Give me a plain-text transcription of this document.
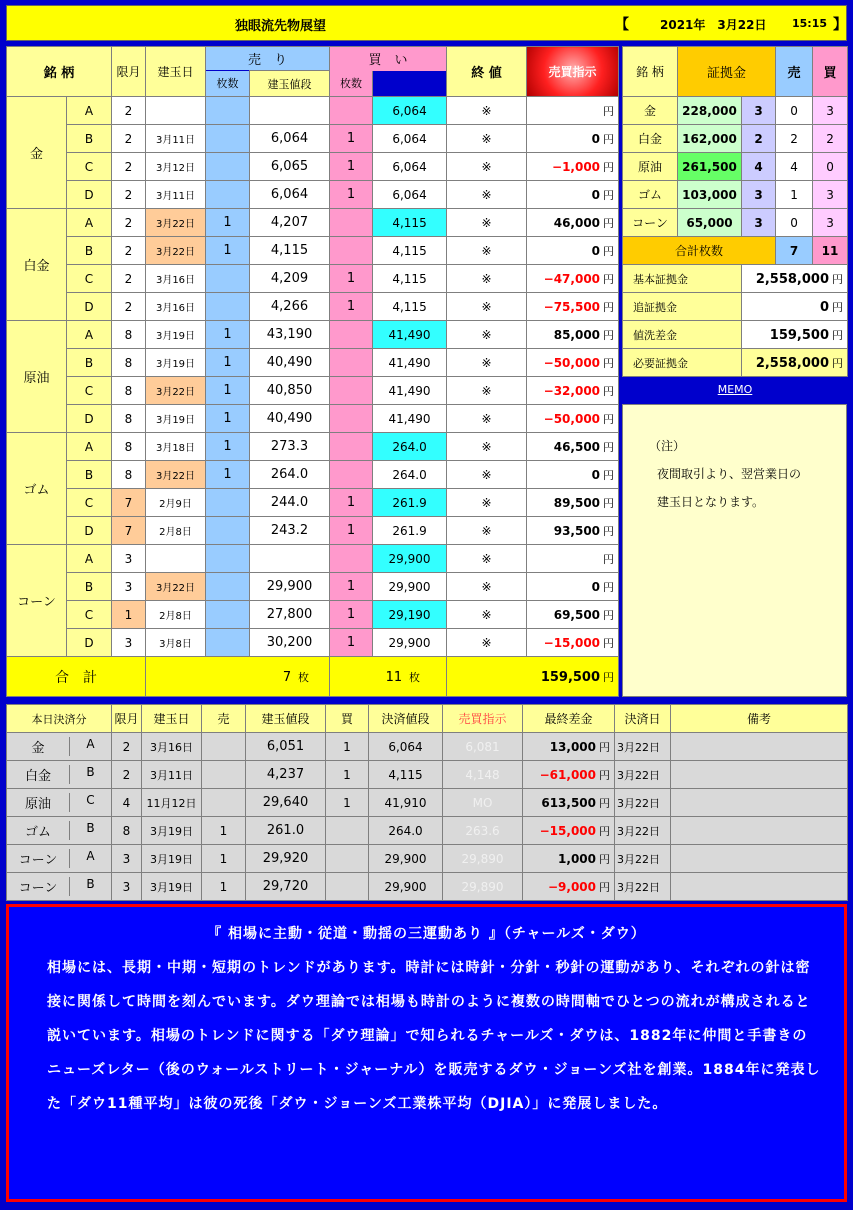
独眼流先物展望	【	2021年　3月22日 15:15 】
銘 柄		限月	建玉日	売　り		買　い		終 値	売買指示	
				枚数	建玉値段	枚数				
金	A	2					6,064	※	円	
	B	2	3月11日		6,064	1	6,064	※	0 円	
	C	2	3月12日		6,065	1	6,064	※	−1,000 円	
	D	2	3月11日		6,064	1	6,064	※	0 円	
白金	A	2	3月22日	1	4,207		4,115	※	46,000 円	
	B	2	3月22日	1	4,115		4,115	※	0 円	
	C	2	3月16日		4,209	1	4,115	※	−47,000 円	
	D	2	3月16日		4,266	1	4,115	※	−75,500 円	
原油	A	8	3月19日	1	43,190		41,490	※	85,000 円	
	B	8	3月19日	1	40,490		41,490	※	−50,000 円	
	C	8	3月22日	1	40,850		41,490	※	−32,000 円	
	D	8	3月19日	1	40,490		41,490	※	−50,000 円	
ゴム	A	8	3月18日	1	273.3		264.0	※	46,500 円	
	B	8	3月22日	1	264.0		264.0	※	0 円	
	C	7	2月9日		244.0	1	261.9	※	89,500 円	
	D	7	2月8日		243.2	1	261.9	※	93,500 円	
コーン	A	3					29,900	※	円	
	B	3	3月22日		29,900	1	29,900	※	0 円	
	C	1	2月8日		27,800	1	29,190	※	69,500 円	
	D	3	3月8日		30,200	1	29,900	※	−15,000 円	
合　計			7 枚			11 枚		159,500 円		
銘 柄	証拠金		売	買
金	228,000	3	0	3
白金	162,000	2	2	2
原油	261,500	4	4	0
ゴム	103,000	3	1	3
コーン	65,000	3	0	3
合計枚数			7	11
基本証拠金		2,558,000 円		
追証拠金		0 円		
値洗差金		159,500 円		
必要証拠金		2,558,000 円		
MEMO				
（注）
夜間取引より、翌営業日の
建玉日となります。
本日決済分	限月	建玉日	売	建玉値段	買	決済値段	売買指示	最終差金	決済日	備考

金 A	2	3月16日		6,051	1	6,064	6,081	13,000 円	3月22日	

白金 B	2	3月11日		4,237	1	4,115	4,148	−61,000 円	3月22日	

原油 C	4	11月12日		29,640	1	41,910	MO	613,500 円	3月22日	

ゴム B	8	3月19日	1	261.0		264.0	263.6	−15,000 円	3月22日	

コーン A	3	3月19日	1	29,920		29,900	29,890	1,000 円	3月22日	

コーン B	3	3月19日	1	29,720		29,900	29,890	−9,000 円	3月22日	
『 相場に主動・従道・動揺の三運動あり 』（チャールズ・ダウ）
相場には、長期・中期・短期のトレンドがあります。時計には時針・分針・秒針の運動があり、それぞれの針は密接に関係して時間を刻んでいます。ダウ理論では相場も時計のように複数の時間軸でひとつの流れが構成されると説いています。相場のトレンドに関する「ダウ理論」で知られるチャールズ・ダウは、1882年に仲間と手書きのニューズレター（後のウォールストリート・ジャーナル）を販売するダウ・ジョーンズ社を創業。1884年に発表した「ダウ11種平均」は彼の死後「ダウ・ジョーンズ工業株平均（DJIA）」に発展しました。
